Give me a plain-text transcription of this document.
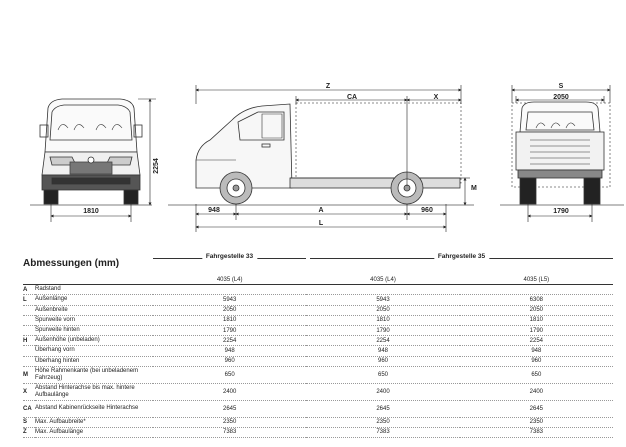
2254
1810
Z
CA	X
M
948	A	960
L
S
2050
1790
Abmessungen (mm)
Fahrgestelle 33	Fahrgestelle 35
		4035 (L4)	4035 (L4)	4035 (L5)
A	Radstand			
L	Außenlänge	5943	5943	6308
	Außenbreite	2050	2050	2050
	Spurweite vorn	1810	1810	1810
	Spurweite hinten	1790	1790	1790
H	Außenhöhe (unbeladen)	2254	2254	2254
	Überhang vorn	948	948	948
	Überhang hinten	960	960	960
M	Höhe Rahmenkante (bei unbeladenem Fahrzeug)	650	650	650
X	Abstand Hinterachse bis max. hintere Aufbaulänge	2400	2400	2400
CA	Abstand Kabinenrückseite Hinterachse	2645	2645	2645
S	Max. Aufbaubreite*	2350	2350	2350
Z	Max. Aufbaulänge	7383	7383	7383
